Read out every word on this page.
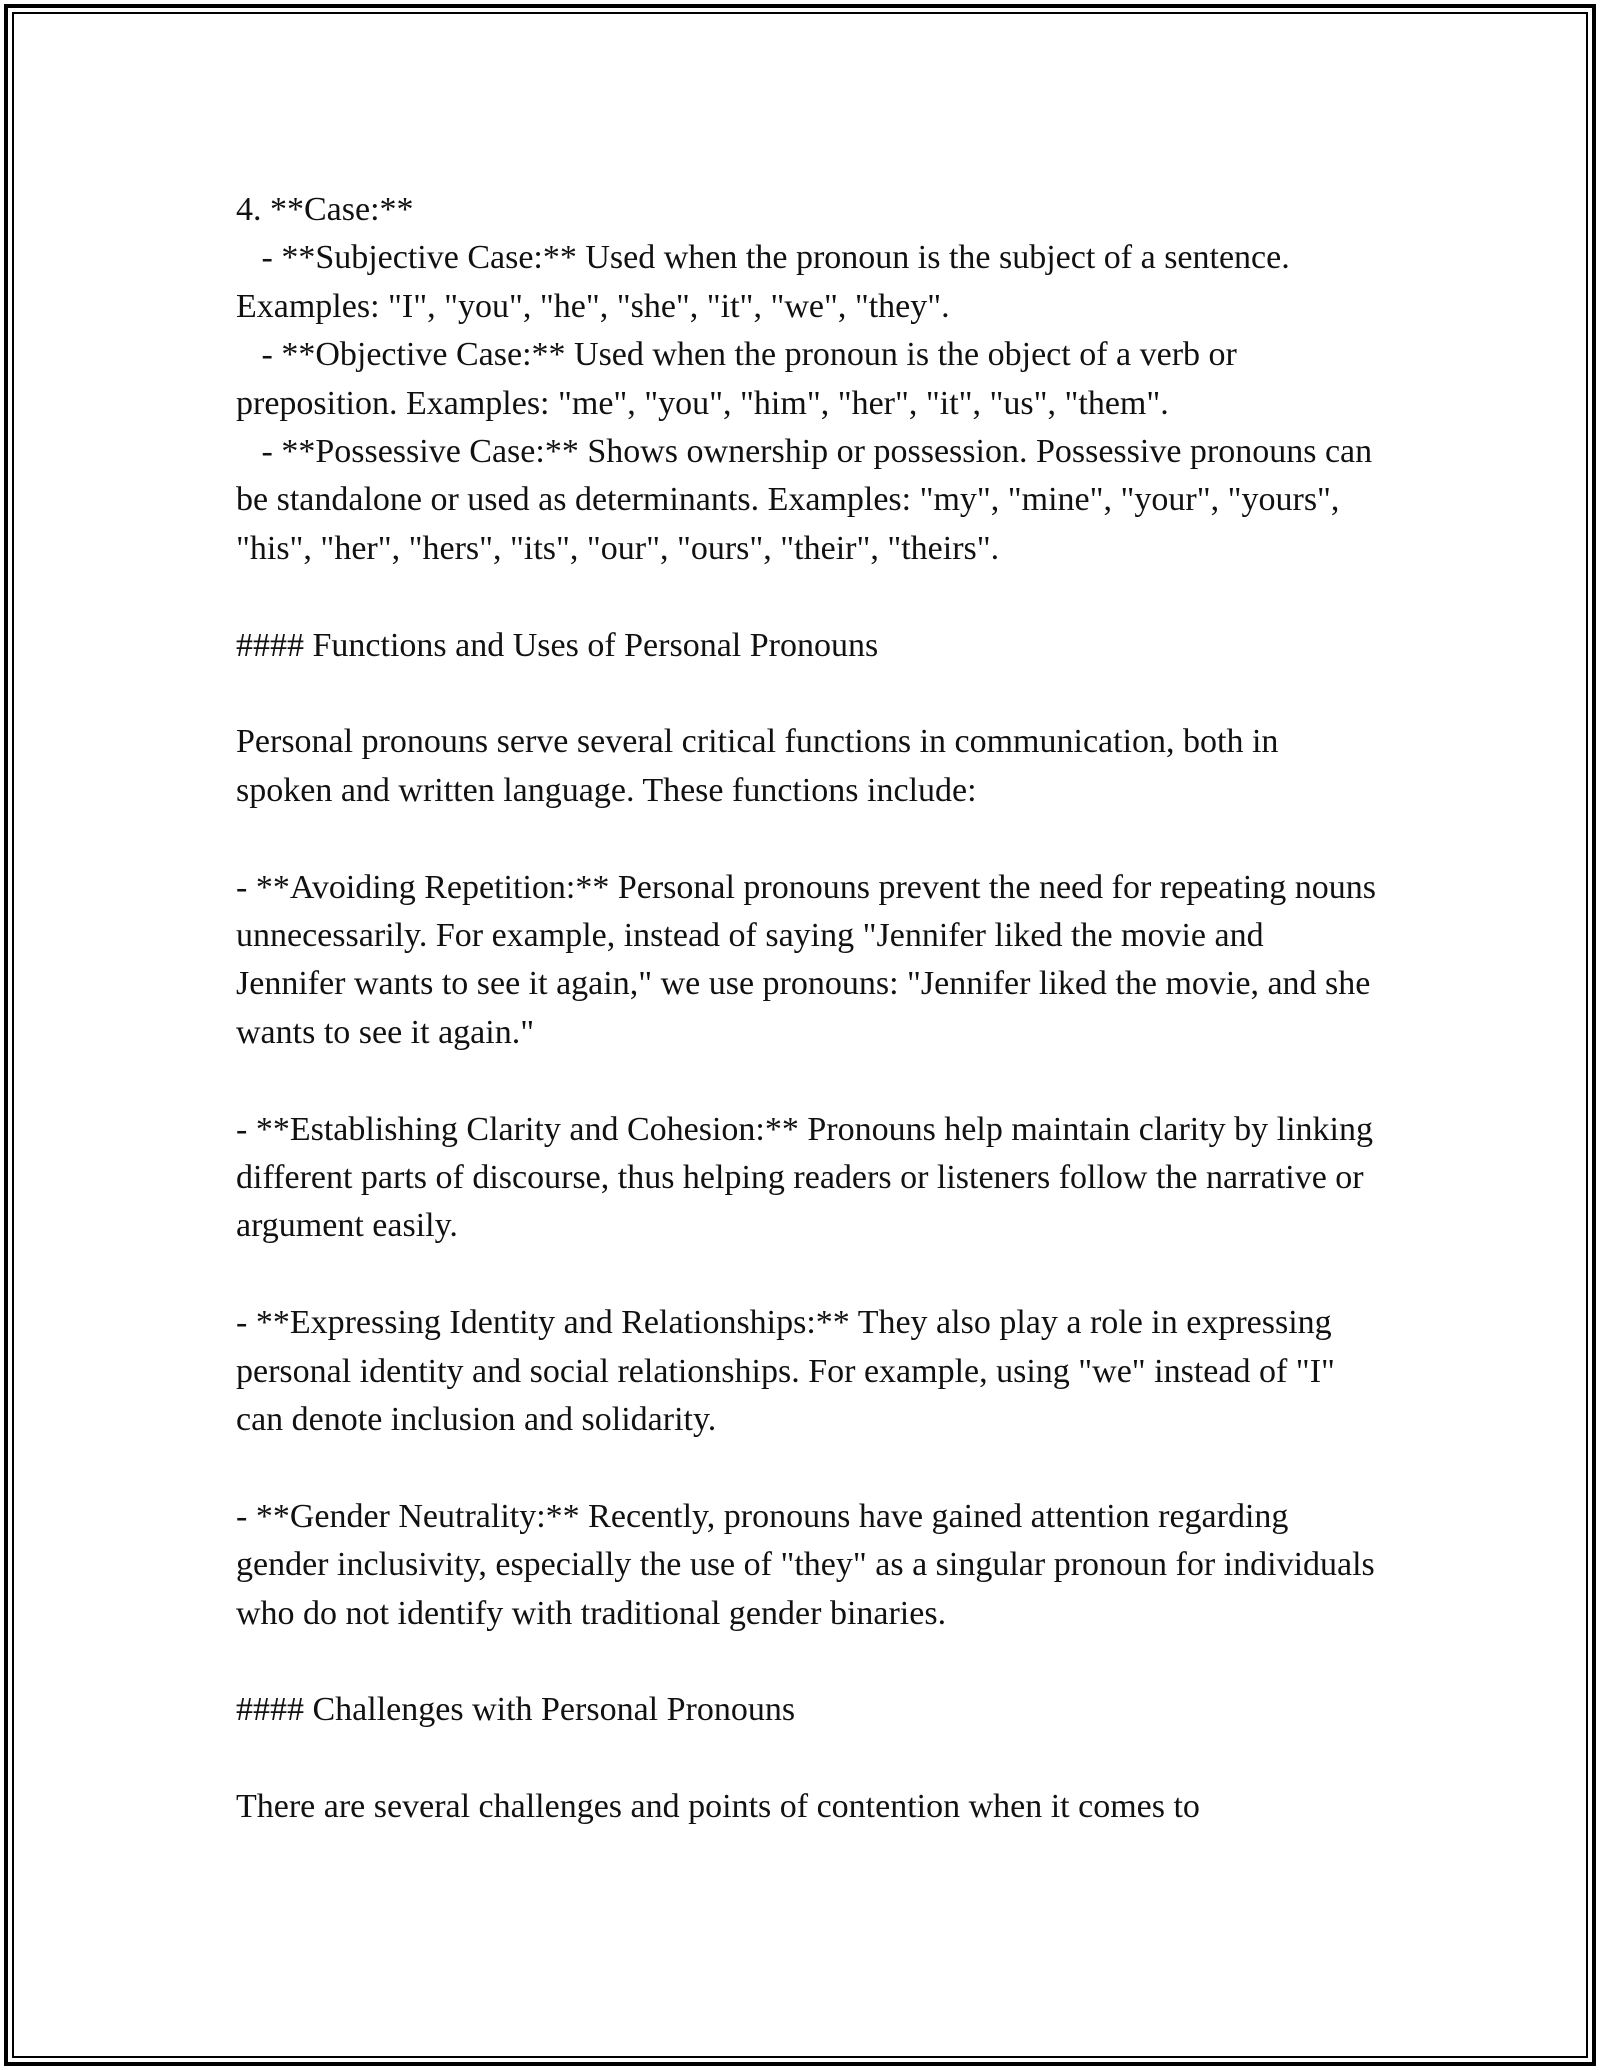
4. **Case:**

- **Subjective Case:** Used when the pronoun is the subject of a sentence. Examples: "I", "you", "he", "she", "it", "we", "they".

- **Objective Case:** Used when the pronoun is the object of a verb or preposition. Examples: "me", "you", "him", "her", "it", "us", "them".

- **Possessive Case:** Shows ownership or possession. Possessive pronouns can be standalone or used as determinants. Examples: "my", "mine", "your", "yours", "his", "her", "hers", "its", "our", "ours", "their", "theirs".

#### Functions and Uses of Personal Pronouns

Personal pronouns serve several critical functions in communication, both in spoken and written language. These functions include:

- **Avoiding Repetition:** Personal pronouns prevent the need for repeating nouns unnecessarily. For example, instead of saying "Jennifer liked the movie and Jennifer wants to see it again," we use pronouns: "Jennifer liked the movie, and she wants to see it again."

- **Establishing Clarity and Cohesion:** Pronouns help maintain clarity by linking different parts of discourse, thus helping readers or listeners follow the narrative or argument easily.

- **Expressing Identity and Relationships:** They also play a role in expressing personal identity and social relationships. For example, using "we" instead of "I" can denote inclusion and solidarity.

- **Gender Neutrality:** Recently, pronouns have gained attention regarding gender inclusivity, especially the use of "they" as a singular pronoun for individuals who do not identify with traditional gender binaries.

#### Challenges with Personal Pronouns

There are several challenges and points of contention when it comes to
